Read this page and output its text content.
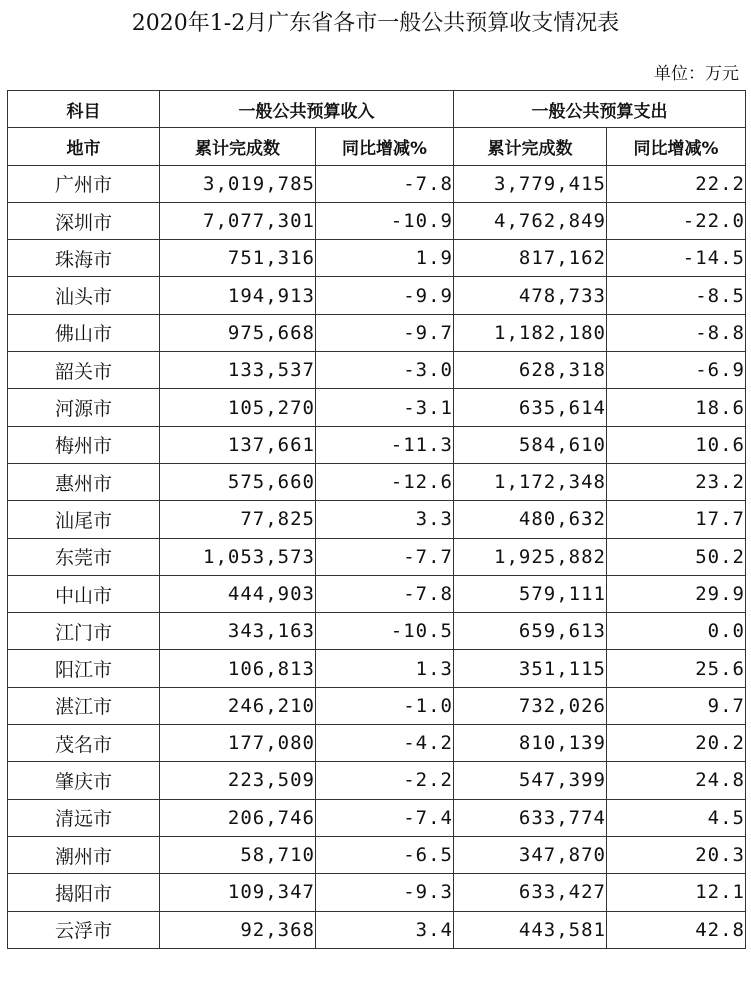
2020年1-2月广东省各市一般公共预算收支情况表
单位：万元
科目	一般公共预算收入		一般公共预算支出	
地市	累计完成数	同比增减%	累计完成数	同比增减%
广州市	3,019,785	-7.8	3,779,415	22.2
深圳市	7,077,301	-10.9	4,762,849	-22.0
珠海市	751,316	1.9	817,162	-14.5
汕头市	194,913	-9.9	478,733	-8.5
佛山市	975,668	-9.7	1,182,180	-8.8
韶关市	133,537	-3.0	628,318	-6.9
河源市	105,270	-3.1	635,614	18.6
梅州市	137,661	-11.3	584,610	10.6
惠州市	575,660	-12.6	1,172,348	23.2
汕尾市	77,825	3.3	480,632	17.7
东莞市	1,053,573	-7.7	1,925,882	50.2
中山市	444,903	-7.8	579,111	29.9
江门市	343,163	-10.5	659,613	0.0
阳江市	106,813	1.3	351,115	25.6
湛江市	246,210	-1.0	732,026	9.7
茂名市	177,080	-4.2	810,139	20.2
肇庆市	223,509	-2.2	547,399	24.8
清远市	206,746	-7.4	633,774	4.5
潮州市	58,710	-6.5	347,870	20.3
揭阳市	109,347	-9.3	633,427	12.1
云浮市	92,368	3.4	443,581	42.8
